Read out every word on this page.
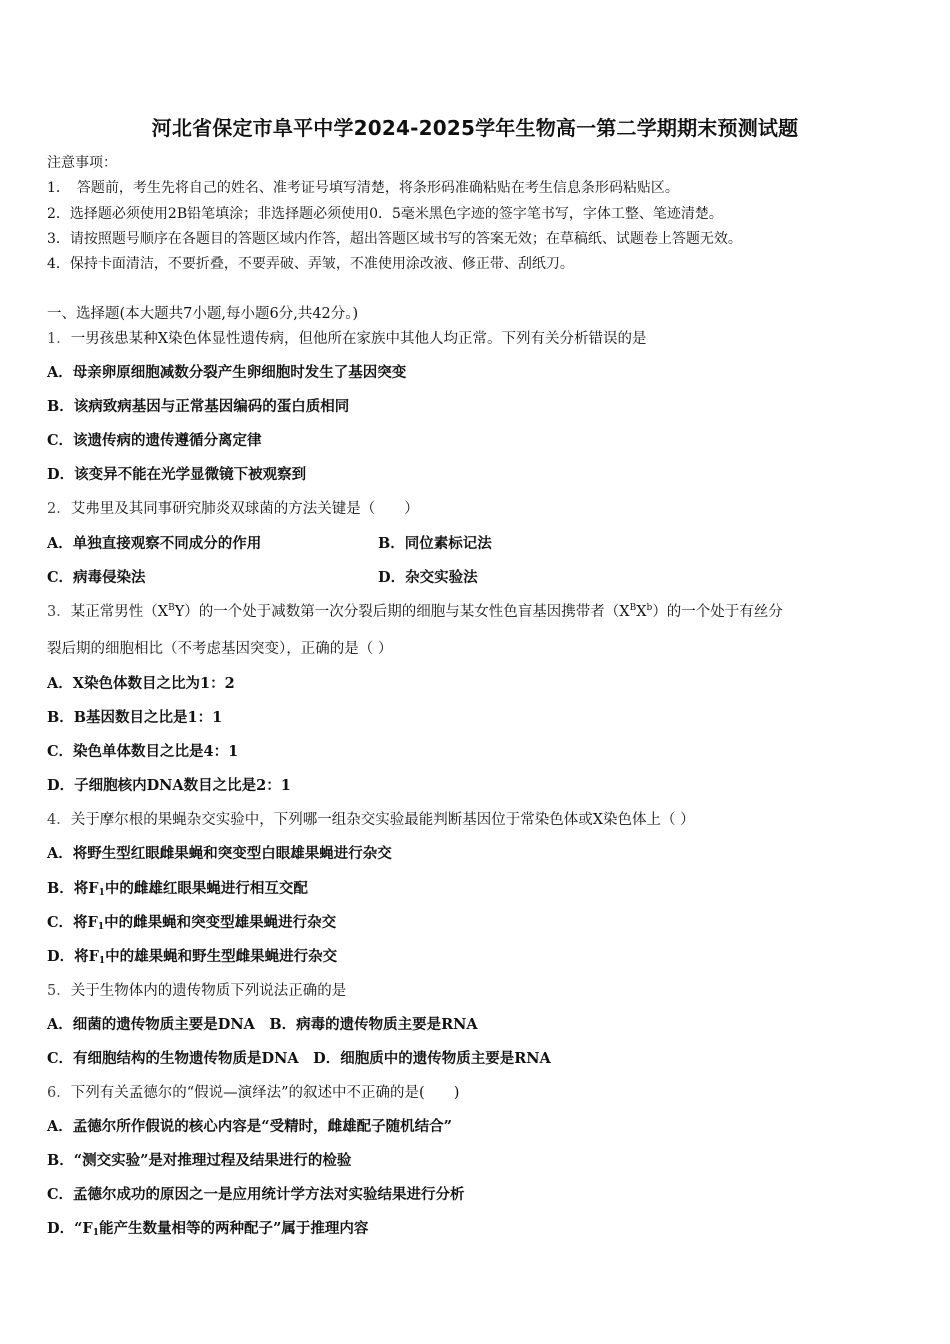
河北省保定市阜平中学2024-2025学年生物高一第二学期期末预测试题
注意事项：
1．　答题前，考生先将自己的姓名、准考证号填写清楚，将条形码准确粘贴在考生信息条形码粘贴区。
2．选择题必须使用2B铅笔填涂；非选择题必须使用0．5毫米黑色字迹的签字笔书写，字体工整、笔迹清楚。
3．请按照题号顺序在各题目的答题区域内作答，超出答题区域书写的答案无效；在草稿纸、试题卷上答题无效。
4．保持卡面清洁，不要折叠，不要弄破、弄皱，不准使用涂改液、修正带、刮纸刀。
一、选择题(本大题共7小题,每小题6分,共42分。)
1．一男孩患某种X染色体显性遗传病，但他所在家族中其他人均正常。下列有关分析错误的是
A．母亲卵原细胞减数分裂产生卵细胞时发生了基因突变
B．该病致病基因与正常基因编码的蛋白质相同
C．该遗传病的遗传遵循分离定律
D．该变异不能在光学显微镜下被观察到
2．艾弗里及其同事研究肺炎双球菌的方法关键是（　　）
A．单独直接观察不同成分的作用	B．同位素标记法
C．病毒侵染法	D．杂交实验法
3．某正常男性$(X^BY)$的一个处于减数第一次分裂后期的细胞与某女性色盲基因携带者$(X^BX^b)$的一个处于有丝分
裂后期的细胞相比（不考虑基因突变），正确的是（ ）
A．X染色体数目之比为1：2
B．B基因数目之比是1：1
C．染色单体数目之比是4：1
D．子细胞核内DNA数目之比是2：1
4．关于摩尔根的果蝇杂交实验中，下列哪一组杂交实验最能判断基因位于常染色体或X染色体上（ ）
A．将野生型红眼雌果蝇和突变型白眼雄果蝇进行杂交
B．将$F_1$中的雌雄红眼果蝇进行相互交配
C．将$F_1$中的雌果蝇和突变型雄果蝇进行杂交
D．将$F_1$中的雄果蝇和野生型雌果蝇进行杂交
5．关于生物体内的遗传物质下列说法正确的是
A．细菌的遗传物质主要是DNA　B．病毒的遗传物质主要是RNA
C．有细胞结构的生物遗传物质是DNA　D．细胞质中的遗传物质主要是RNA
6．下列有关孟德尔的“假说—演绎法”的叙述中不正确的是(　　)
A．孟德尔所作假说的核心内容是“受精时，雌雄配子随机结合”
B．“测交实验”是对推理过程及结果进行的检验
C．孟德尔成功的原因之一是应用统计学方法对实验结果进行分析
D．“$F_1$能产生数量相等的两种配子”属于推理内容
